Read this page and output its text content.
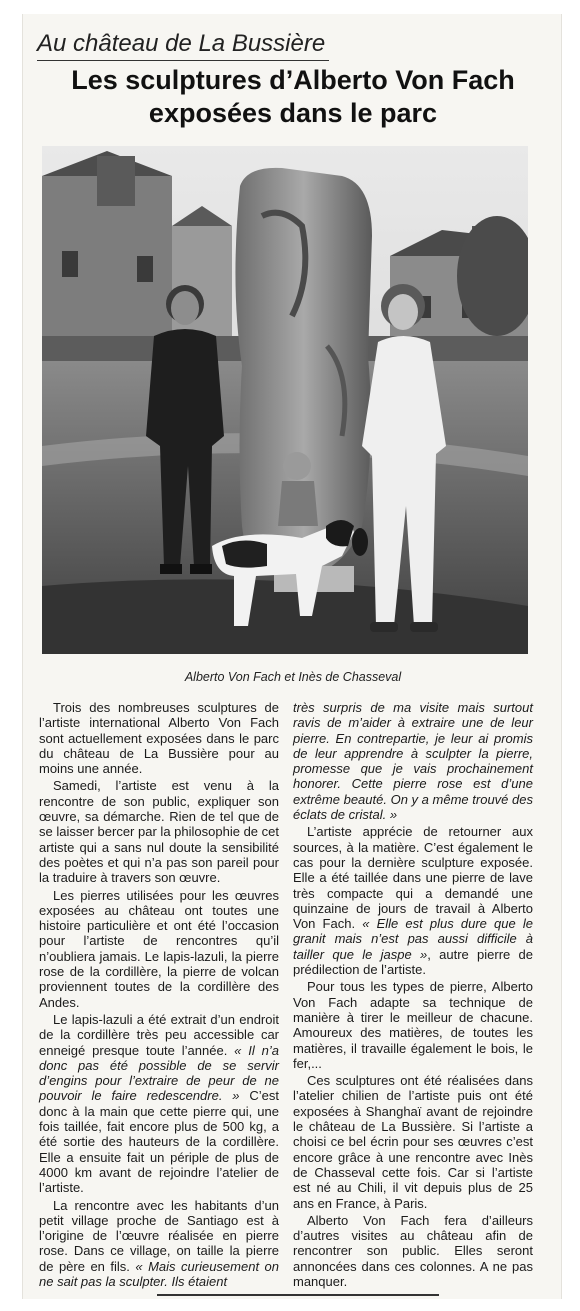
Au château de La Bussière
Les sculptures d’Alberto Von Fach
exposées dans le parc
Alberto Von Fach et Inès de Chasseval

Trois des nombreuses sculptures de l’artiste international Alberto Von Fach sont actuellement exposées dans le parc du château de La Bussière pour au moins une année.

Samedi, l’artiste est venu à la rencontre de son public, expliquer son œuvre, sa démarche. Rien de tel que de se laisser bercer par la philosophie de cet artiste qui a sans nul doute la sensibilité des poètes et qui n’a pas son pareil pour la traduire à travers son œuvre.

Les pierres utilisées pour les œuvres exposées au château ont toutes une histoire particulière et ont été l’occasion pour l’artiste de rencontres qu’il n’oubliera jamais. Le lapis-lazuli, la pierre rose de la cordillère, la pierre de volcan proviennent toutes de la cordillère des Andes.

Le lapis-lazuli a été extrait d’un endroit de la cordillère très peu accessible car enneigé presque toute l’année. « Il n’a donc pas été possible de se servir d’engins pour l’extraire de peur de ne pouvoir le faire redescendre. » C’est donc à la main que cette pierre qui, une fois taillée, fait encore plus de 500 kg, a été sortie des hauteurs de la cordillère. Elle a ensuite fait un périple de plus de 4000 km avant de rejoindre l’atelier de l’artiste.

La rencontre avec les habitants d’un petit village proche de Santiago est à l’origine de l’œuvre réalisée en pierre rose. Dans ce village, on taille la pierre de père en fils. « Mais curieusement on ne sait pas la sculpter. Ils étaient

très surpris de ma visite mais surtout ravis de m’aider à extraire une de leur pierre. En contrepartie, je leur ai promis de leur apprendre à sculpter la pierre, promesse que je vais prochainement honorer. Cette pierre rose est d’une extrême beauté. On y a même trouvé des éclats de cristal. »

L’artiste apprécie de retourner aux sources, à la matière. C’est également le cas pour la dernière sculpture exposée. Elle a été taillée dans une pierre de lave très compacte qui a demandé une quinzaine de jours de travail à Alberto Von Fach. « Elle est plus dure que le granit mais n’est pas aussi difficile à tailler que le jaspe », autre pierre de prédilection de l’artiste.

Pour tous les types de pierre, Alberto Von Fach adapte sa technique de manière à tirer le meilleur de chacune. Amoureux des matières, de toutes les matières, il travaille également le bois, le fer,...

Ces sculptures ont été réalisées dans l’atelier chilien de l’artiste puis ont été exposées à Shanghaï avant de rejoindre le château de La Bussière. Si l’artiste a choisi ce bel écrin pour ses œuvres c’est encore grâce à une rencontre avec Inès de Chasseval cette fois. Car si l’artiste est né au Chili, il vit depuis plus de 25 ans en France, à Paris.

Alberto Von Fach fera d’ailleurs d’autres visites au château afin de rencontrer son public. Elles seront annoncées dans ces colonnes. A ne pas manquer.
